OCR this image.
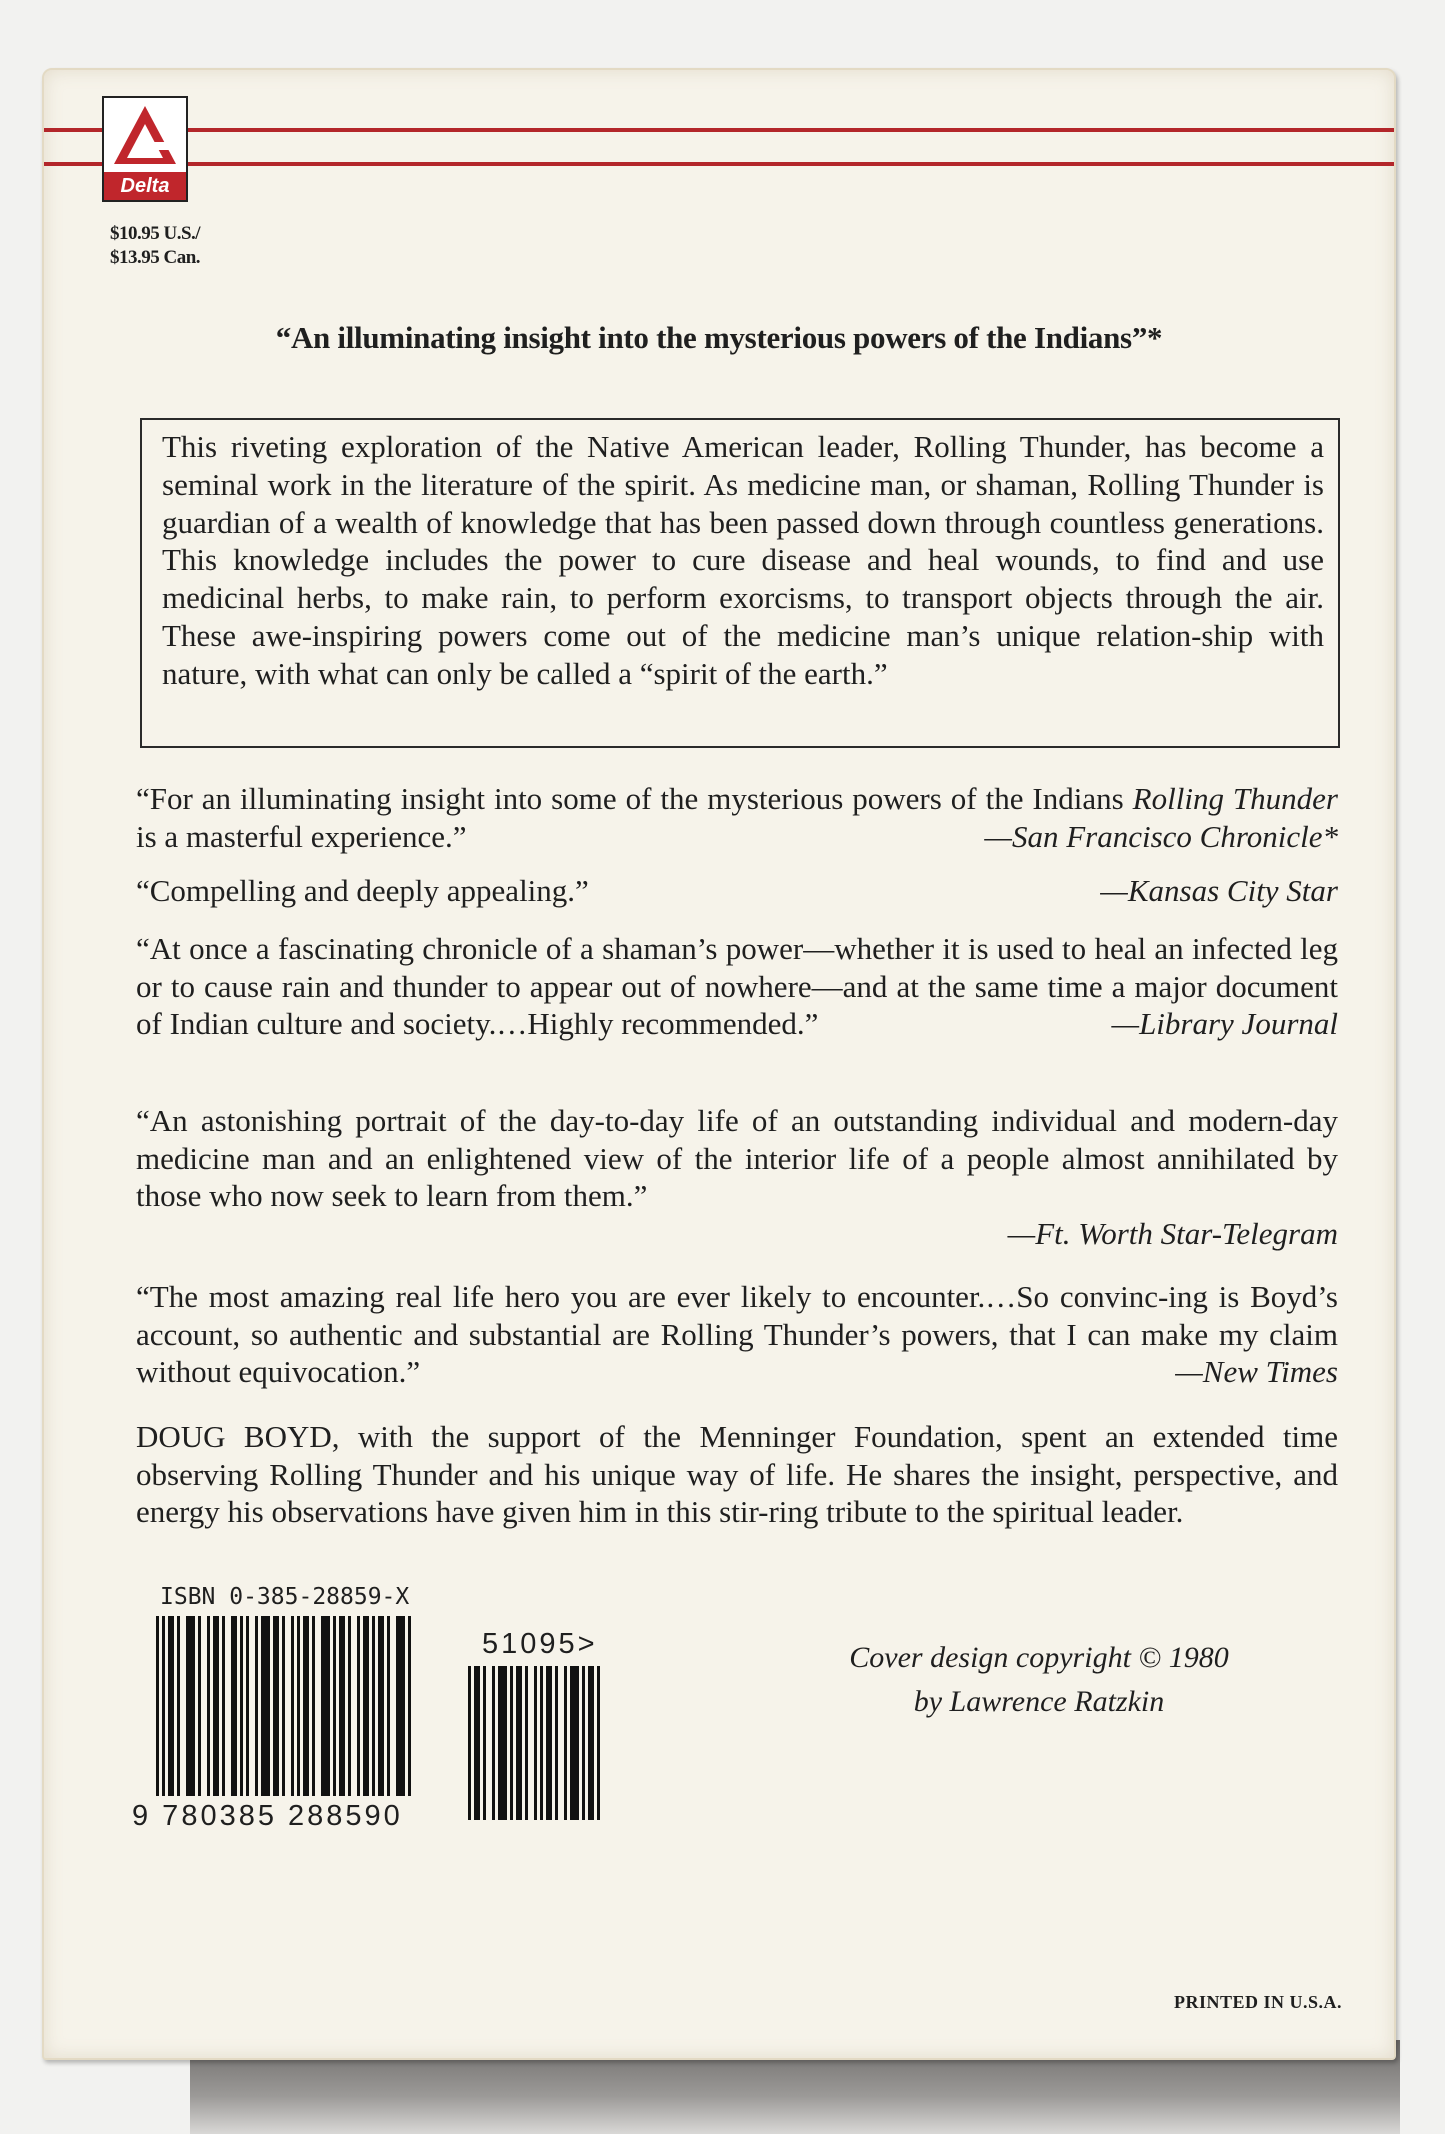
Delta
$10.95 U.S./
$13.95 Can.
“An illuminating insight into the mysterious powers of the Indians”*
This riveting exploration of the Native American leader, Rolling Thunder, has become a seminal work in the literature of the spirit. As medicine man, or shaman, Rolling Thunder is guardian of a wealth of knowledge that has been passed down through countless generations. This knowledge includes the power to cure disease and heal wounds, to find and use medicinal herbs, to make rain, to perform exorcisms, to transport objects through the air. These awe-inspiring powers come out of the medicine man’s unique relation-ship with nature, with what can only be called a “spirit of the earth.”
“For an illuminating insight into some of the mysterious powers of the Indians Rolling Thunder is a masterful experience.”	—San Francisco Chronicle*
“Compelling and deeply appealing.”	—Kansas City Star
“At once a fascinating chronicle of a shaman’s power—whether it is used to heal an infected leg or to cause rain and thunder to appear out of nowhere—and at the same time a major document of Indian culture and society.…Highly recommended.”	—Library Journal
“An astonishing portrait of the day-to-day life of an outstanding individual and modern-day medicine man and an enlightened view of the interior life of a people almost annihilated by those who now seek to learn from them.”
—Ft. Worth Star-Telegram
“The most amazing real life hero you are ever likely to encounter.…So convinc-ing is Boyd’s account, so authentic and substantial are Rolling Thunder’s powers, that I can make my claim without equivocation.”	—New Times
DOUG BOYD, with the support of the Menninger Foundation, spent an extended time observing Rolling Thunder and his unique way of life. He shares the insight, perspective, and energy his observations have given him in this stir-ring tribute to the spiritual leader.
ISBN 0-385-28859-X
9 780385 288590
51095>	Cover design copyright © 1980
by Lawrence Ratzkin
PRINTED IN U.S.A.
